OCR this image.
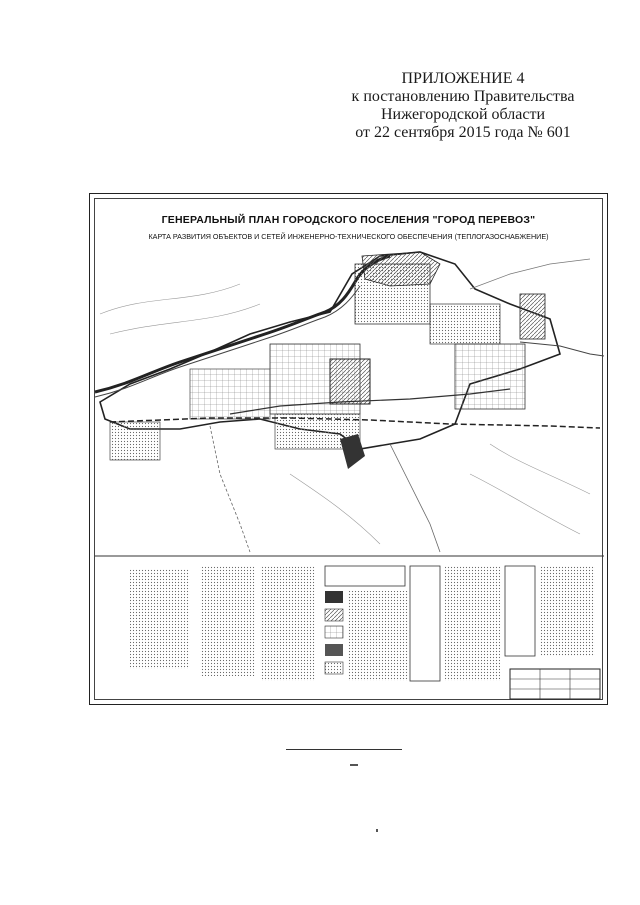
ПРИЛОЖЕНИЕ 4
к постановлению Правительства
Нижегородской области
от 22 сентября 2015 года № 601
ГЕНЕРАЛЬНЫЙ ПЛАН ГОРОДСКОГО ПОСЕЛЕНИЯ "ГОРОД ПЕРЕВОЗ"
КАРТА РАЗВИТИЯ ОБЪЕКТОВ И СЕТЕЙ ИНЖЕНЕРНО-ТЕХНИЧЕСКОГО ОБЕСПЕЧЕНИЯ (ТЕПЛОГАЗОСНАБЖЕНИЕ)
